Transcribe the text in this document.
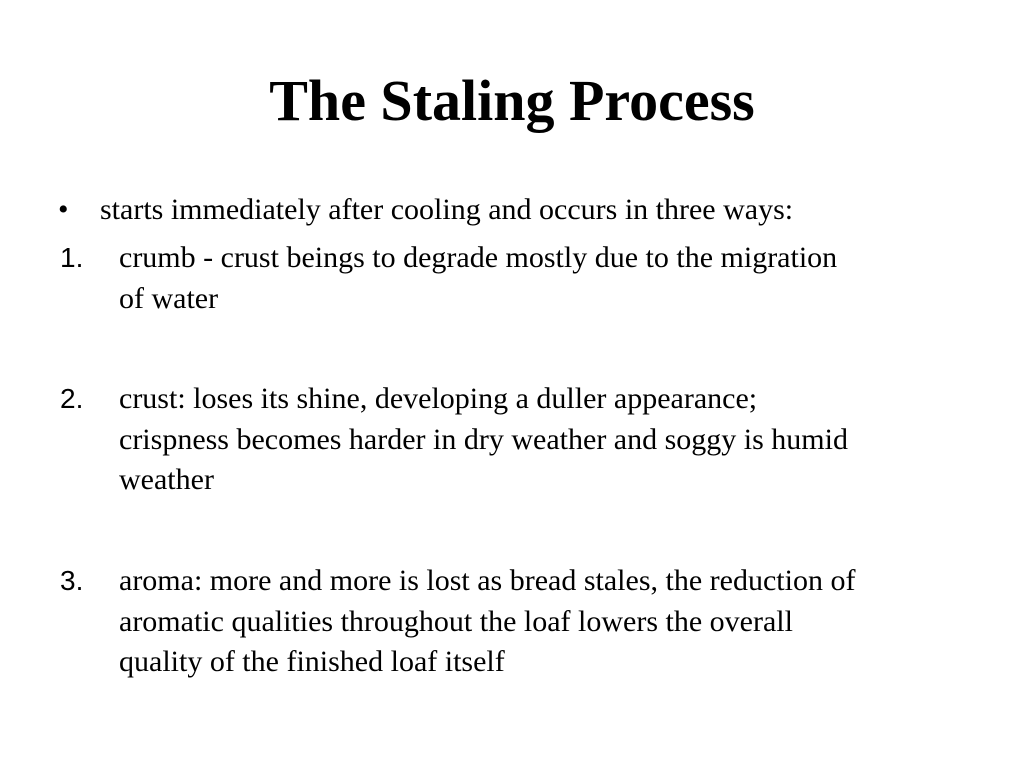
The Staling Process
•	starts immediately after cooling and occurs in three ways:
1.	crumb - crust beings to degrade mostly due to the migration
of water
2.	crust: loses its shine, developing a duller appearance;
crispness becomes harder in dry weather and soggy is humid
weather
3.	aroma: more and more is lost as bread stales, the reduction of
aromatic qualities throughout the loaf lowers the overall
quality of the finished loaf itself
